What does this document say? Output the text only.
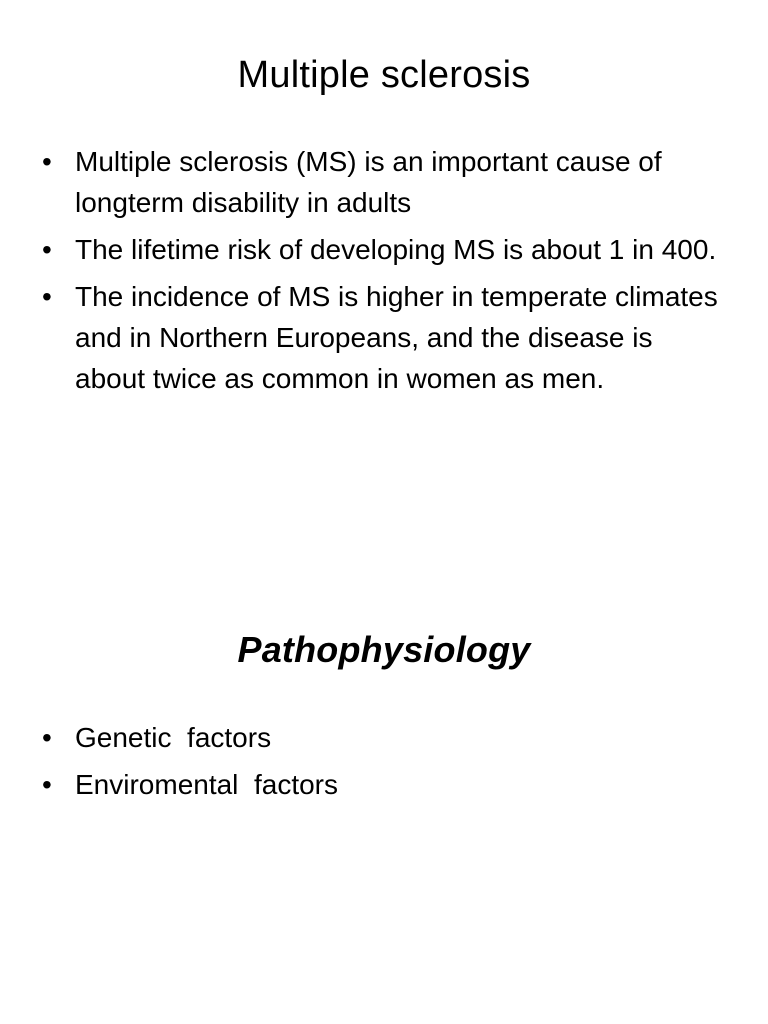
Multiple sclerosis
• Multiple sclerosis (MS) is an important cause of longterm disability in adults
• The lifetime risk of developing MS is about 1 in 400.
• The incidence of MS is higher in temperate climates and in Northern Europeans, and the disease is about twice as common in women as men.
Pathophysiology
• Genetic  factors
• Enviromental  factors
